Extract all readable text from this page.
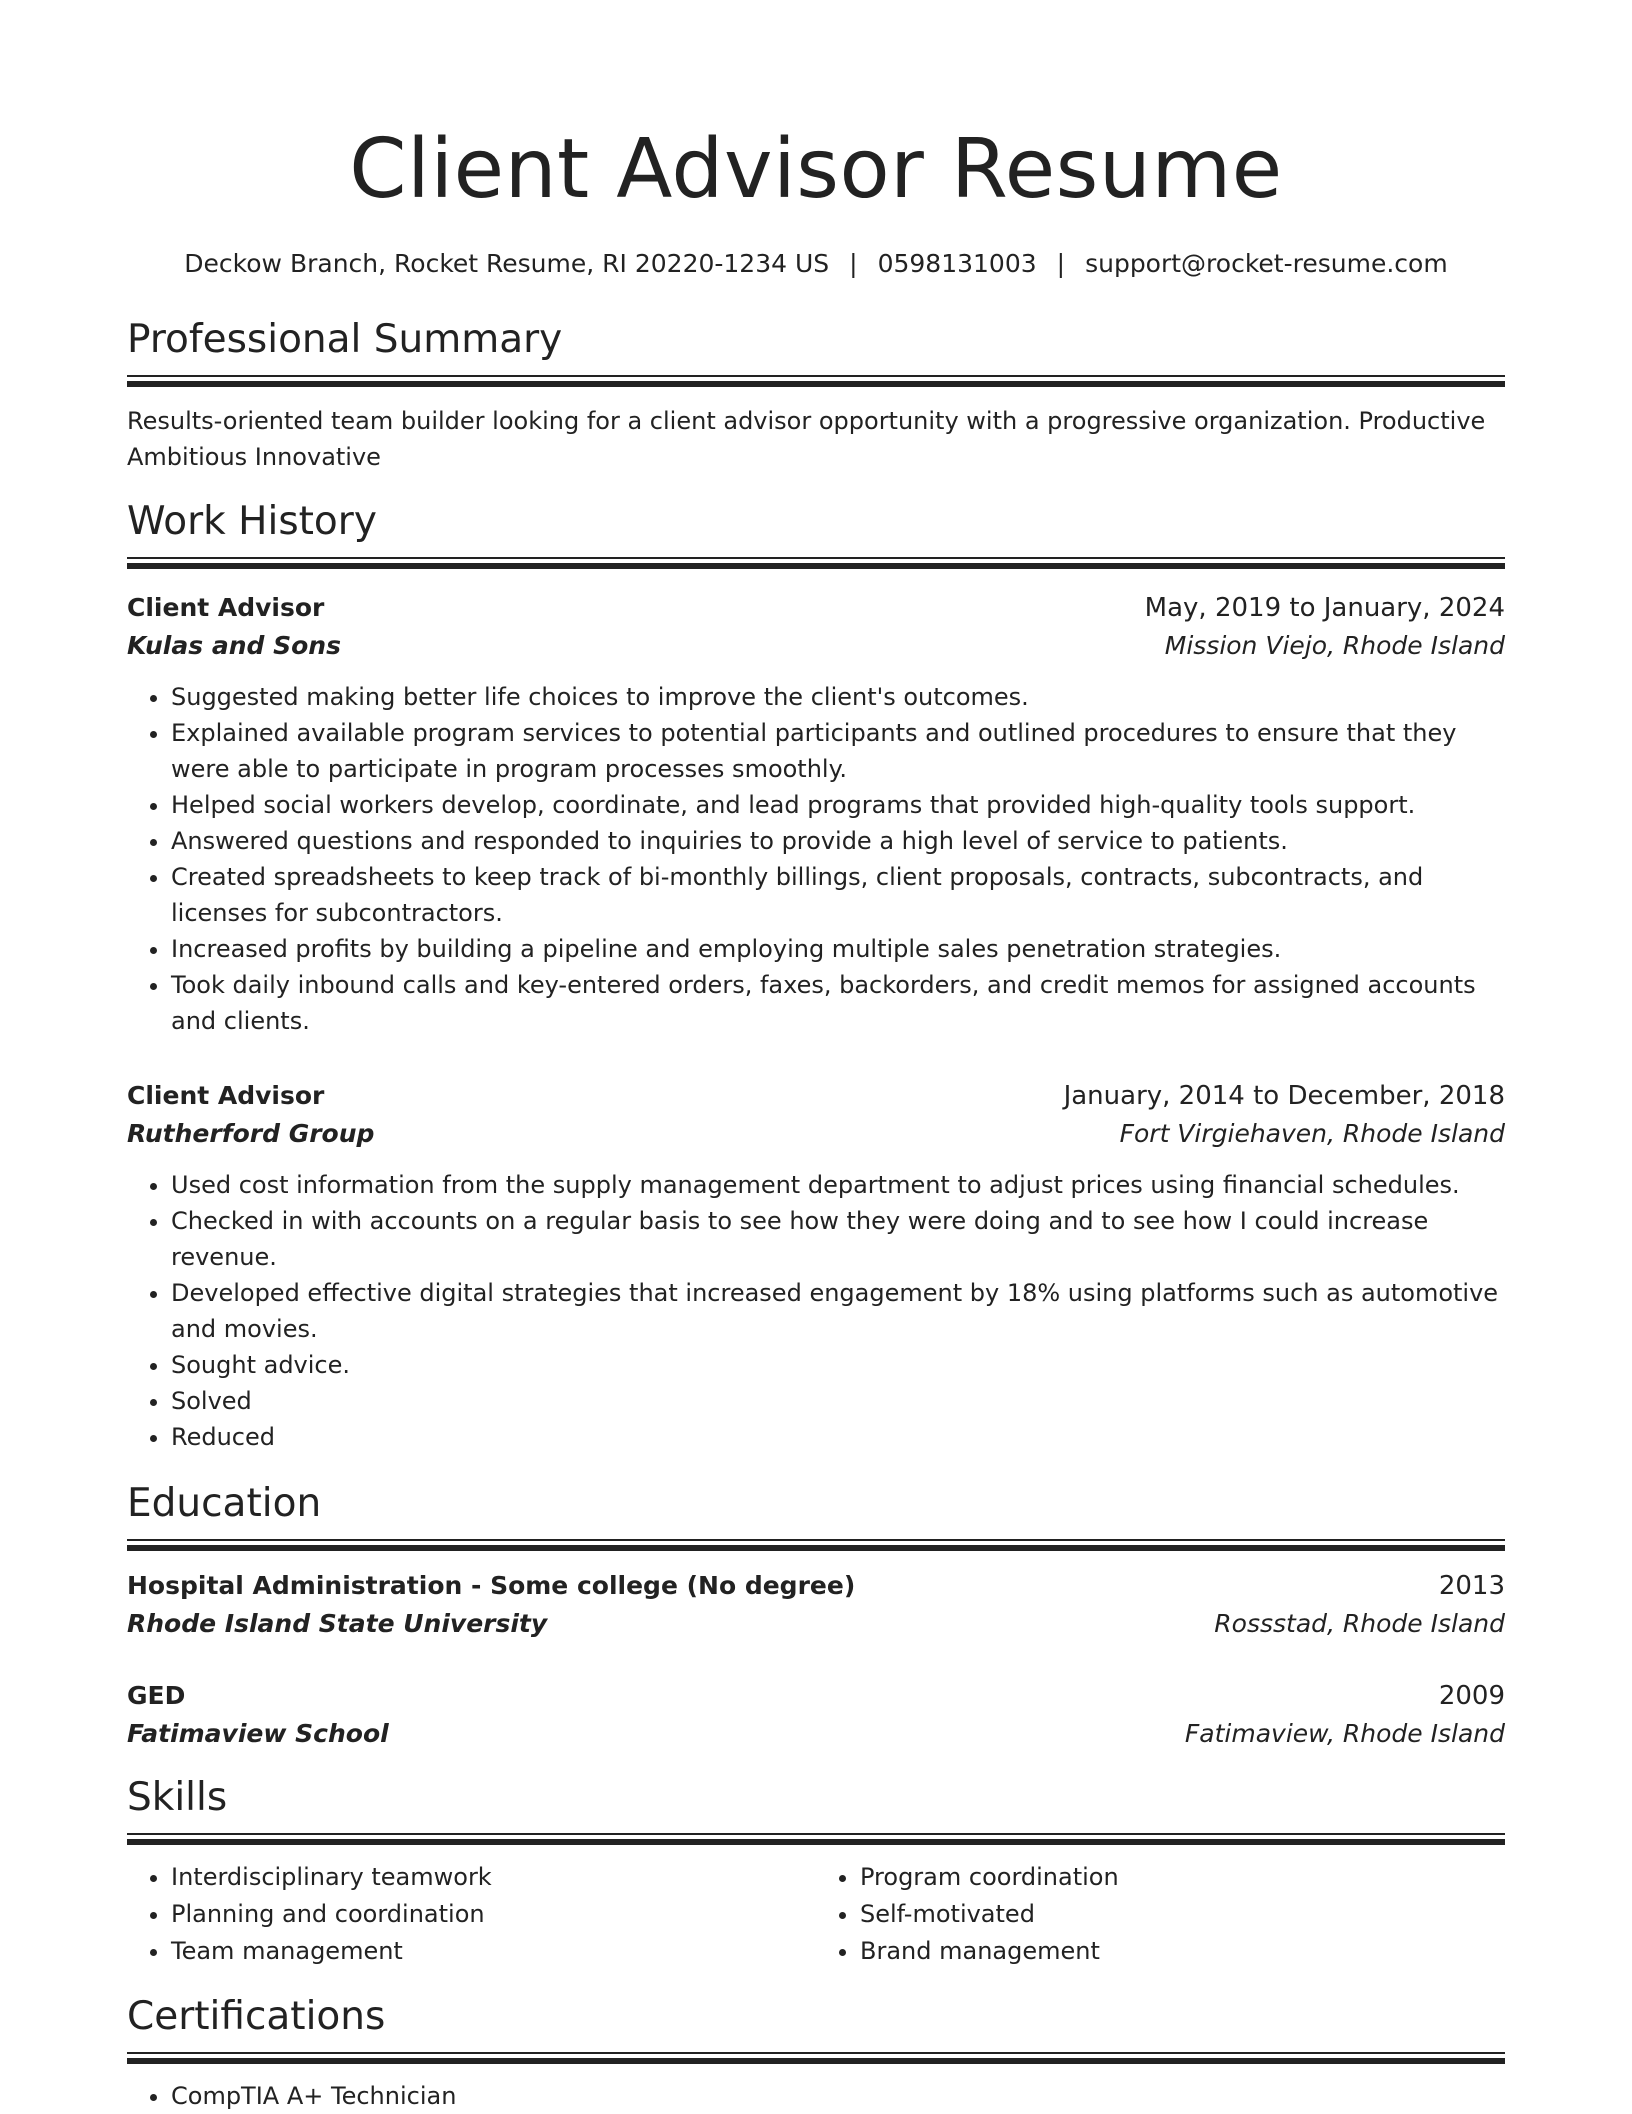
Client Advisor Resume
Deckow Branch, Rocket Resume, RI 20220-1234 US | 0598131003 | support@rocket-resume.com
Professional Summary
Results-oriented team builder looking for a client advisor opportunity with a progressive organization. Productive Ambitious Innovative
Work History
Client Advisor	May, 2019 to January, 2024
Kulas and Sons	Mission Viejo, Rhode Island
• Suggested making better life choices to improve the client's outcomes.
• Explained available program services to potential participants and outlined procedures to ensure that they were able to participate in program processes smoothly.
• Helped social workers develop, coordinate, and lead programs that provided high-quality tools support.
• Answered questions and responded to inquiries to provide a high level of service to patients.
• Created spreadsheets to keep track of bi-monthly billings, client proposals, contracts, subcontracts, and licenses for subcontractors.
• Increased profits by building a pipeline and employing multiple sales penetration strategies.
• Took daily inbound calls and key-entered orders, faxes, backorders, and credit memos for assigned accounts and clients.
Client Advisor	January, 2014 to December, 2018
Rutherford Group	Fort Virgiehaven, Rhode Island
• Used cost information from the supply management department to adjust prices using financial schedules.
• Checked in with accounts on a regular basis to see how they were doing and to see how I could increase revenue.
• Developed effective digital strategies that increased engagement by 18% using platforms such as automotive and movies.
• Sought advice.
• Solved
• Reduced
Education
Hospital Administration - Some college (No degree)	2013
Rhode Island State University	Rossstad, Rhode Island
GED	2009
Fatimaview School	Fatimaview, Rhode Island
Skills
• Interdisciplinary teamwork
• Planning and coordination
• Team management
• Program coordination
• Self-motivated
• Brand management
Certifications
• CompTIA A+ Technician
